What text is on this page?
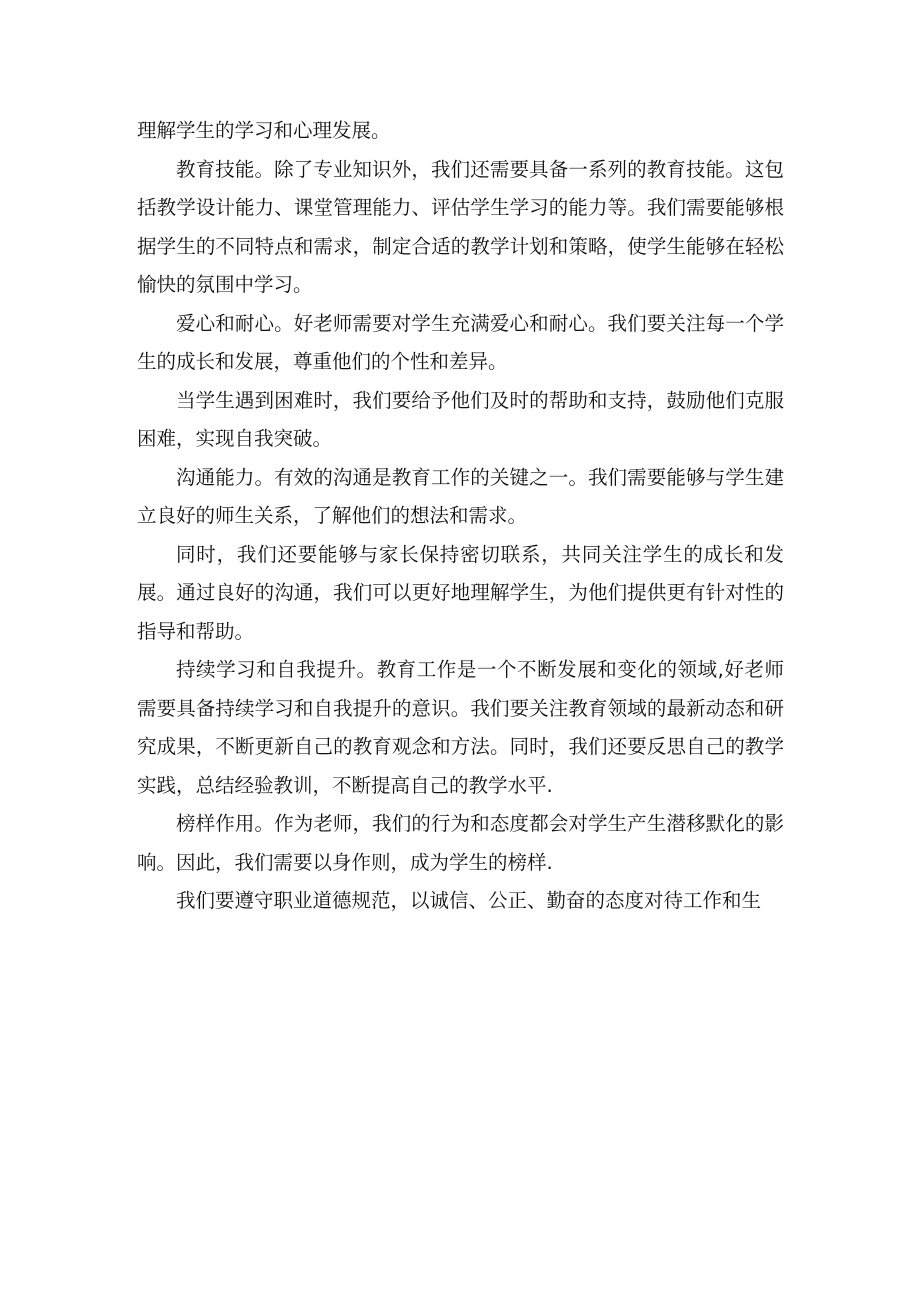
理解学生的学习和心理发展。

教育技能。除了专业知识外，我们还需要具备一系列的教育技能。这包括教学设计能力、课堂管理能力、评估学生学习的能力等。我们需要能够根据学生的不同特点和需求，制定合适的教学计划和策略，使学生能够在轻松愉快的氛围中学习。

爱心和耐心。好老师需要对学生充满爱心和耐心。我们要关注每一个学生的成长和发展，尊重他们的个性和差异。

当学生遇到困难时，我们要给予他们及时的帮助和支持，鼓励他们克服困难，实现自我突破。

沟通能力。有效的沟通是教育工作的关键之一。我们需要能够与学生建立良好的师生关系，了解他们的想法和需求。

同时，我们还要能够与家长保持密切联系，共同关注学生的成长和发展。通过良好的沟通，我们可以更好地理解学生，为他们提供更有针对性的指导和帮助。

持续学习和自我提升。教育工作是一个不断发展和变化的领域,好老师需要具备持续学习和自我提升的意识。我们要关注教育领域的最新动态和研究成果，不断更新自己的教育观念和方法。同时，我们还要反思自己的教学实践，总结经验教训，不断提高自己的教学水平.

榜样作用。作为老师，我们的行为和态度都会对学生产生潜移默化的影响。因此，我们需要以身作则，成为学生的榜样.

我们要遵守职业道德规范，以诚信、公正、勤奋的态度对待工作和生
